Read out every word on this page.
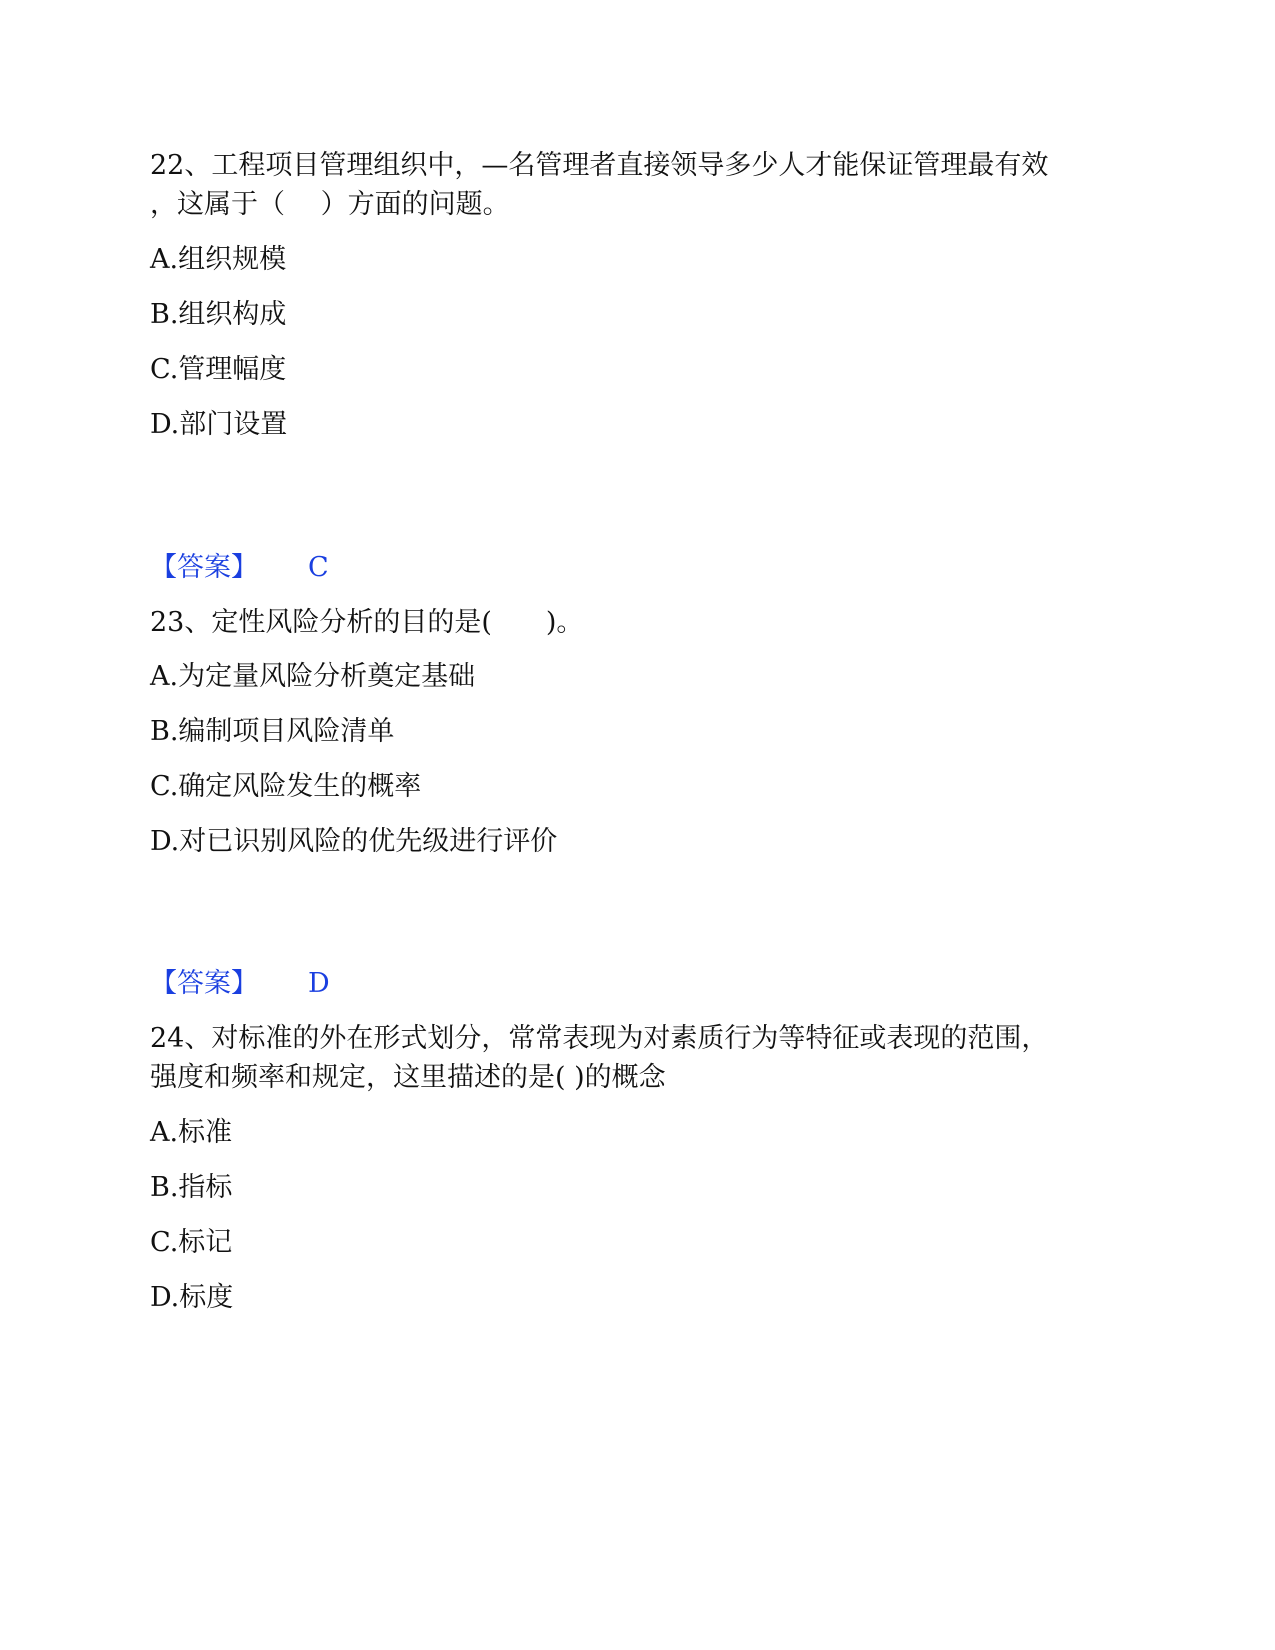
22、工程项目管理组织中，—名管理者直接领导多少人才能保证管理最有效
，这属于（　 ）方面的问题。
A.组织规模
B.组织构成
C.管理幅度
D.部门设置
【答案】 C
23、定性风险分析的目的是(　　)。
A.为定量风险分析奠定基础
B.编制项目风险清单
C.确定风险发生的概率
D.对已识别风险的优先级进行评价
【答案】 D
24、对标准的外在形式划分，常常表现为对素质行为等特征或表现的范围，
强度和频率和规定，这里描述的是( )的概念
A.标准
B.指标
C.标记
D.标度
